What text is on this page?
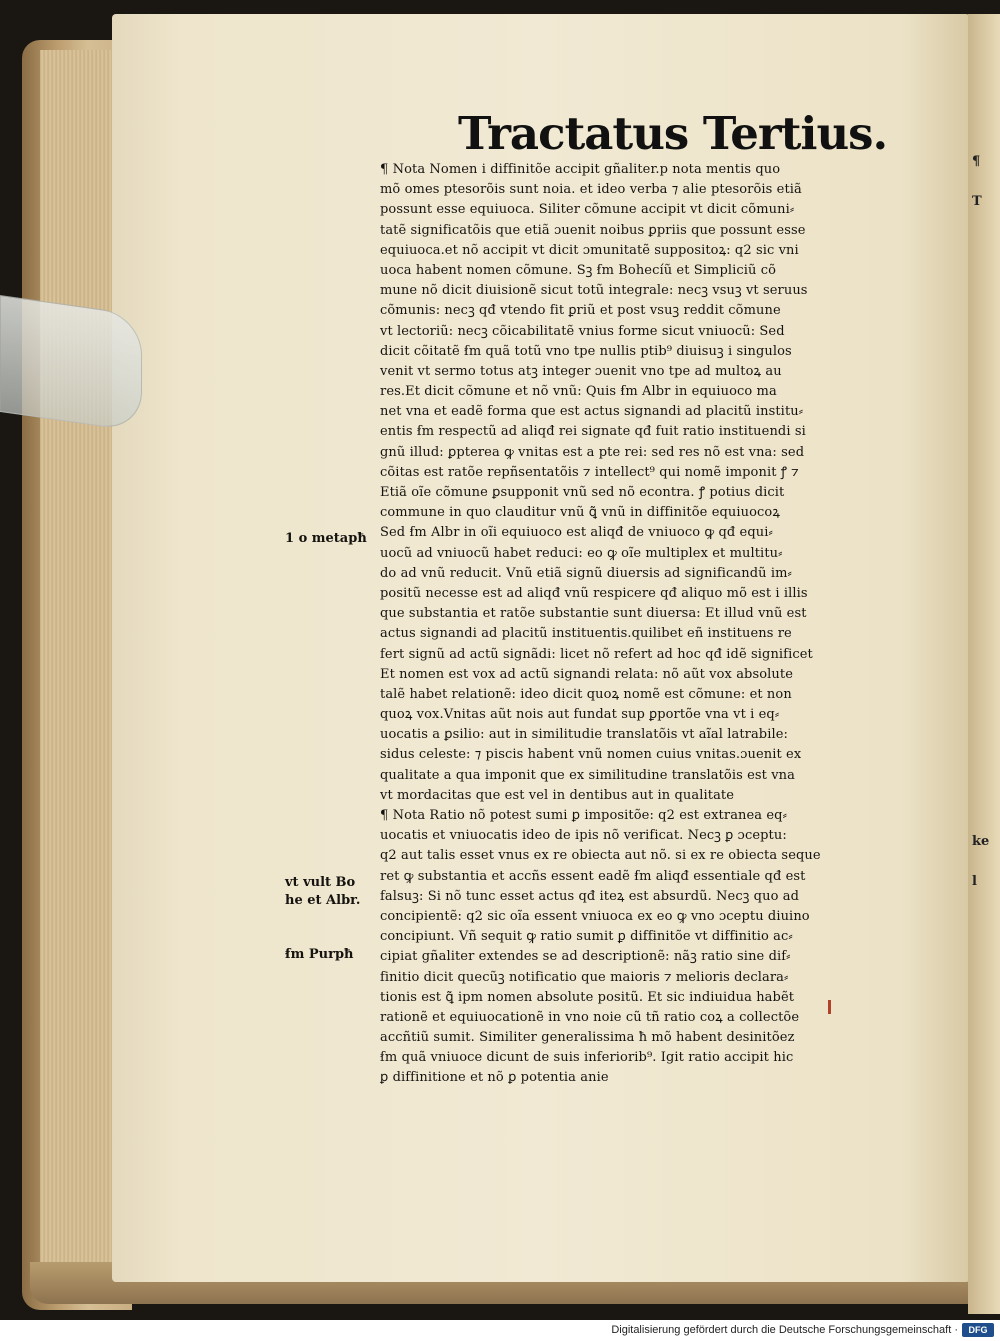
¶
T
ke
l
Tractatus Tertius.
¶ Nota Nomen i diffinitõe accipit gñaliter.p nota mentis quo
mõ omes ptesorõis sunt noia. et ideo verba ⁊ alie ptesorõis etiã
possunt esse equiuoca. Siliter cõmune accipit vt dicit cõmuni⸗
tatẽ significatõis que etiã ɔuenit noibus ꝑpriis que possunt esse
equiuoca.et nõ accipit vt dicit ɔmunitatẽ suppositoꝝ: q2 sic vni
uoca habent nomen cõmune. Sꝫ ẜm Bohecíũ et Simpliciũ cõ
mune nõ dicit diuisionẽ sicut totũ integrale: necꝫ vsuꝫ vt seruus
cõmunis: necꝫ qđ vtendo fit ꝑriũ et post vsuꝫ reddit cõmune
vt lectoriũ: necꝫ cõicabilitatẽ vnius forme sicut vniuocũ: Sed
dicit cõitatẽ ẜm quã totũ vno tpe nullis ptib⁹ diuisuꝫ i singulos
venit vt sermo totus atꝫ integer ɔuenit vno tpe ad multoꝝ au
res.Et dicit cõmune et nõ vnũ: Quis ẜm Albr in equiuoco ma
net vna et eadẽ forma que est actus signandi ad placitũ institu⸗
entis ẜm respectũ ad aliqđ rei signate qđ fuit ratio instituendi si
gnũ illud: ꝑpterea ꝙ vnitas est a pte rei: sed res nõ est vna: sed
cõitas est ratõe repñsentatõis ⁊ intellect⁹ qui nomẽ imponit ꝭ ⁊
Etiã oĩe cõmune ꝑsupponit vnũ sed nõ econtra. ꝭ potius dicit
commune in quo clauditur vnũ ꝗ̃ vnũ in diffinitõe equiuocoꝝ
Sed ẜm Albr in oĩi equiuoco est aliqđ de vniuoco ꝙ qđ equi⸗
uocũ ad vniuocũ habet reduci: eo ꝙ oĩe multiplex et multitu⸗
do ad vnũ reducit. Vnũ etiã signũ diuersis ad significandũ im⸗
positũ necesse est ad aliqđ vnũ respicere qđ aliquo mõ est i illis
que substantia et ratõe substantie sunt diuersa: Et illud vnũ est
actus signandi ad placitũ instituentis.quilibet eñ instituens re
fert signũ ad actũ signãdi: licet nõ refert ad hoc qđ idẽ significet
Et nomen est vox ad actũ signandi relata: nõ aũt vox absolute
talẽ habet relationẽ: ideo dicit quoꝝ nomẽ est cõmune: et non
quoꝝ vox.Vnitas aũt nois aut fundat sup ꝑportõe vna vt i eq⸗
uocatis a ꝑsilio: aut in similitudie translatõis vt aĩal latrabile:
sidus celeste: ⁊ piscis habent vnũ nomen cuius vnitas.ɔuenit ex
qualitate a qua imponit que ex similitudine translatõis est vna
vt mordacitas que est vel in dentibus aut in qualitate
¶ Nota Ratio nõ potest sumi ꝑ impositõe: q2 est extranea eq⸗
uocatis et vniuocatis ideo de ipis nõ verificat. Necꝫ ꝑ ɔceptu:
q2 aut talis esset vnus ex re obiecta aut nõ. si ex re obiecta seque
ret ꝙ substantia et accñs essent eadẽ ẜm aliqđ essentiale qđ est
falsuꝫ: Si nõ tunc esset actus qđ iteꝝ est absurdũ. Necꝫ quo ad
concipientẽ: q2 sic oĩa essent vniuoca ex eo ꝙ vno ɔceptu diuino
concipiunt. Vñ sequit ꝙ ratio sumit ꝑ diffinitõe vt diffinitio ac⸗
cipiat gñaliter extendes se ad descriptionẽ: nãꝫ ratio sine dif⸗
finitio dicit quecũꝫ notificatio que maioris ⁊ melioris declara⸗
tionis est ꝗ̃ ipm nomen absolute positũ. Et sic indiuidua habẽt
rationẽ et equiuocationẽ in vno noie cũ tñ ratio coꝝ a collectõe
accñtiũ sumit. Similiter generalissima ħ mõ habent desinitõez
ẜm quã vniuoce dicunt de suis inferiorib⁹. Igit ratio accipit hic
ꝑ diffinitione et nõ ꝑ potentia anie
1 o metapħ
vt vult Bo
he et Albr.
ẜm Purpħ
Digitalisierung gefördert durch die Deutsche Forschungsgemeinschaft ·	DFG
